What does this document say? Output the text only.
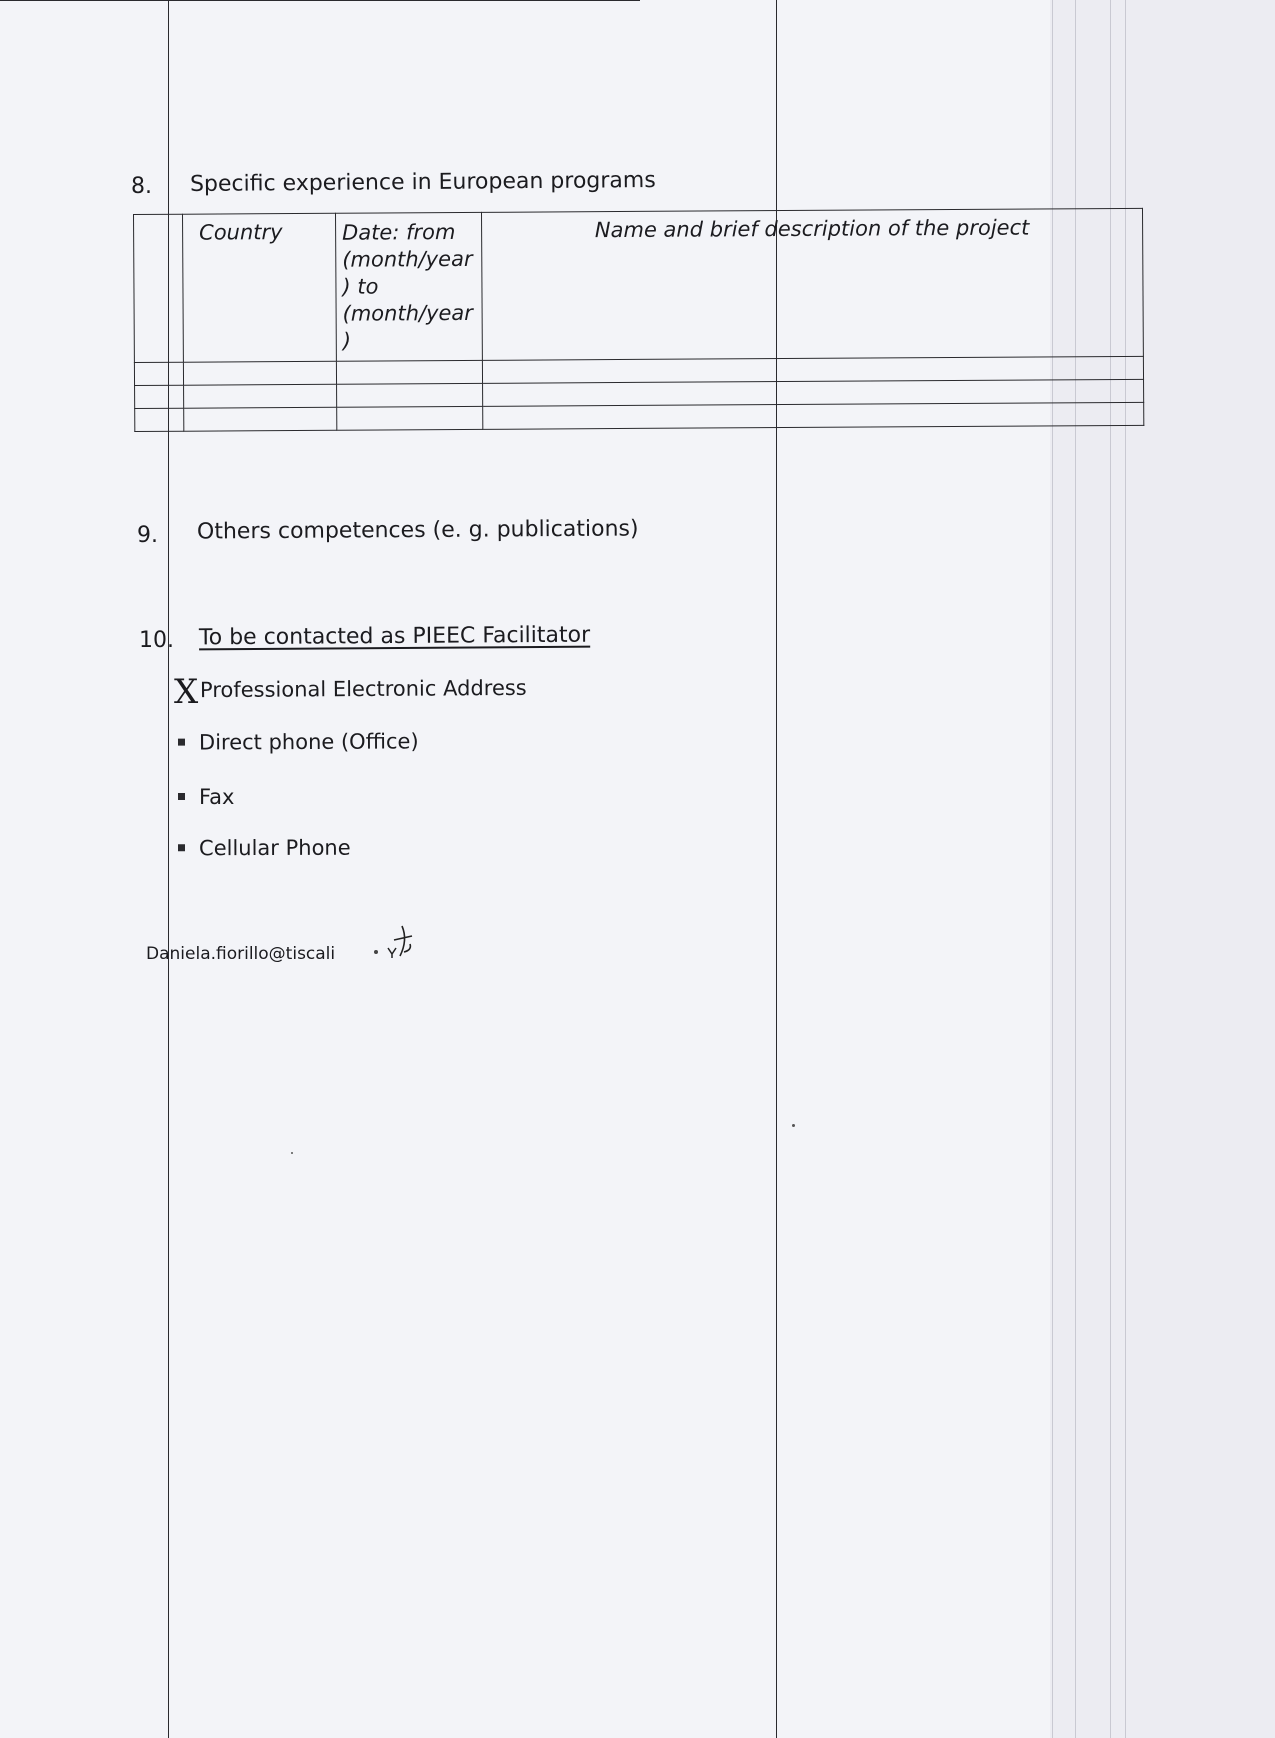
8. Specific experience in European programs

	Country	Date: from (month/year ) to (month/year )	Name and brief description of the project

9. Others competences (e. g. publications)
10. To be contacted as PIEEC Facilitator
X Professional Electronic Address
Direct phone (Office)
Fax
Cellular Phone
Daniela.fiorillo@tiscali
